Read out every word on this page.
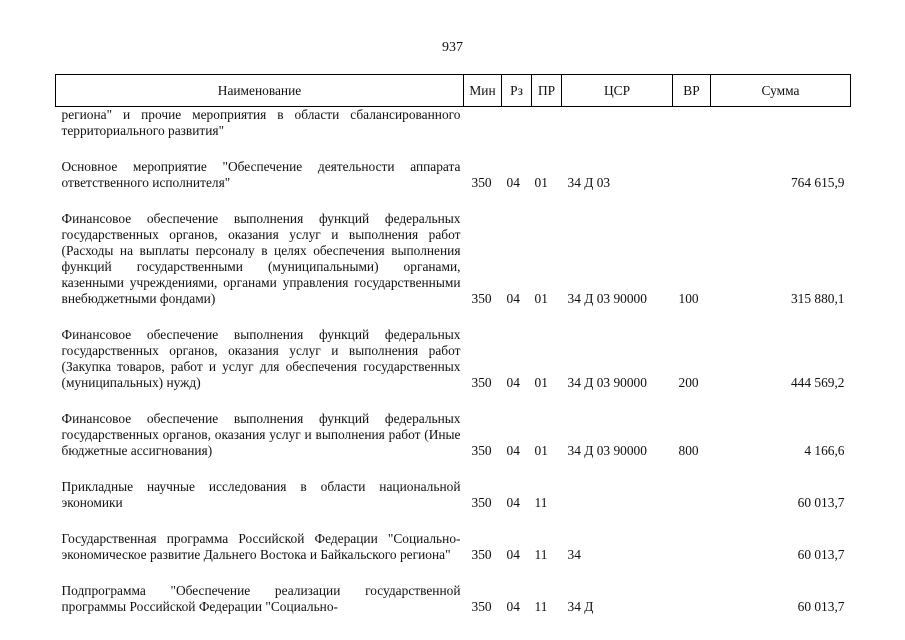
937
Наименование	Мин	Рз	ПР	ЦСР	ВР	Сумма
региона" и прочие мероприятия в области сбалансированного территориального развития"						

Основное мероприятие "Обеспечение деятельности аппарата ответственного исполнителя"	350	04	01	34 Д 03		764 615,9

Финансовое обеспечение выполнения функций федеральных государственных органов, оказания услуг и выполнения работ (Расходы на выплаты персоналу в целях обеспечения выполнения функций государственными (муниципальными) органами, казенными учреждениями, органами управления государственными внебюджетными фондами)	350	04	01	34 Д 03 90000	100	315 880,1

Финансовое обеспечение выполнения функций федеральных государственных органов, оказания услуг и выполнения работ (Закупка товаров, работ и услуг для обеспечения государственных (муниципальных) нужд)	350	04	01	34 Д 03 90000	200	444 569,2

Финансовое обеспечение выполнения функций федеральных государственных органов, оказания услуг и выполнения работ (Иные бюджетные ассигнования)	350	04	01	34 Д 03 90000	800	4 166,6

Прикладные научные исследования в области национальной экономики	350	04	11			60 013,7

Государственная программа Российской Федерации "Социально-экономическое развитие Дальнего Востока и Байкальского региона"	350	04	11	34		60 013,7

Подпрограмма "Обеспечение реализации государственной программы Российской Федерации "Социально-	350	04	11	34 Д		60 013,7
